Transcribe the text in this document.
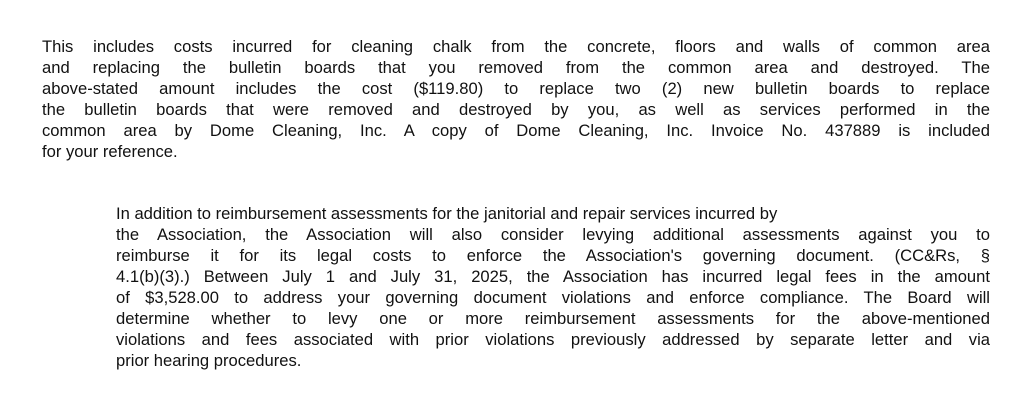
This includes costs incurred for cleaning chalk from the concrete, floors and walls of common area
and replacing the bulletin boards that you removed from the common area and destroyed. The
above-stated amount includes the cost ($119.80) to replace two (2) new bulletin boards to replace
the bulletin boards that were removed and destroyed by you, as well as services performed in the
common area by Dome Cleaning, Inc. A copy of Dome Cleaning, Inc. Invoice No. 437889 is included
for your reference.

In addition to reimbursement assessments for the janitorial and repair services incurred by

the Association, the Association will also consider levying additional assessments against you to
reimburse it for its legal costs to enforce the Association's governing document. (CC&Rs, §
4.1(b)(3).) Between July 1 and July 31, 2025, the Association has incurred legal fees in the amount
of $3,528.00 to address your governing document violations and enforce compliance. The Board will
determine whether to levy one or more reimbursement assessments for the above-mentioned
violations and fees associated with prior violations previously addressed by separate letter and via
prior hearing procedures.
